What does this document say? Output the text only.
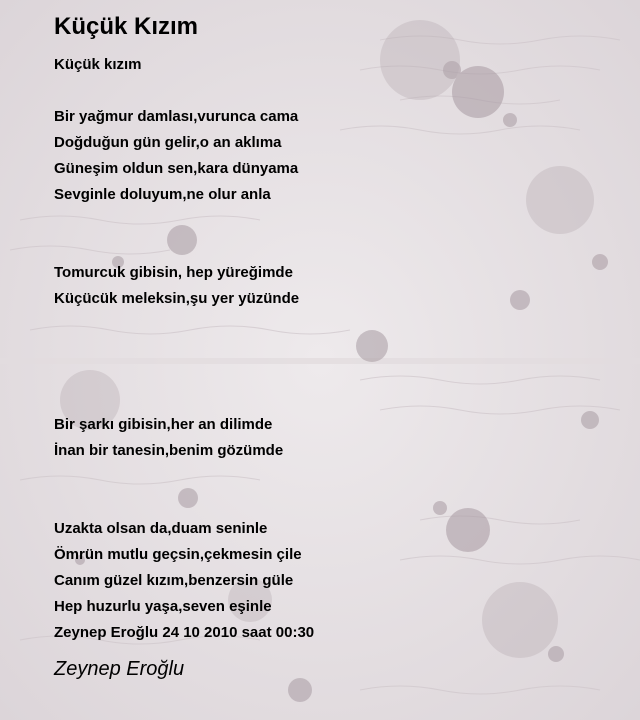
Küçük Kızım
Küçük kızım
Bir yağmur damlası,vurunca cama
Doğduğun gün gelir,o an aklıma
Güneşim oldun sen,kara dünyama
Sevginle doluyum,ne olur anla
Tomurcuk gibisin, hep yüreğimde
Küçücük meleksin,şu yer yüzünde
Bir şarkı gibisin,her an dilimde
İnan bir tanesin,benim gözümde
Uzakta olsan da,duam seninle
Ömrün mutlu geçsin,çekmesin çile
Canım güzel kızım,benzersin güle
Hep huzurlu yaşa,seven eşinle
Zeynep Eroğlu 24 10 2010 saat 00:30
Zeynep Eroğlu
